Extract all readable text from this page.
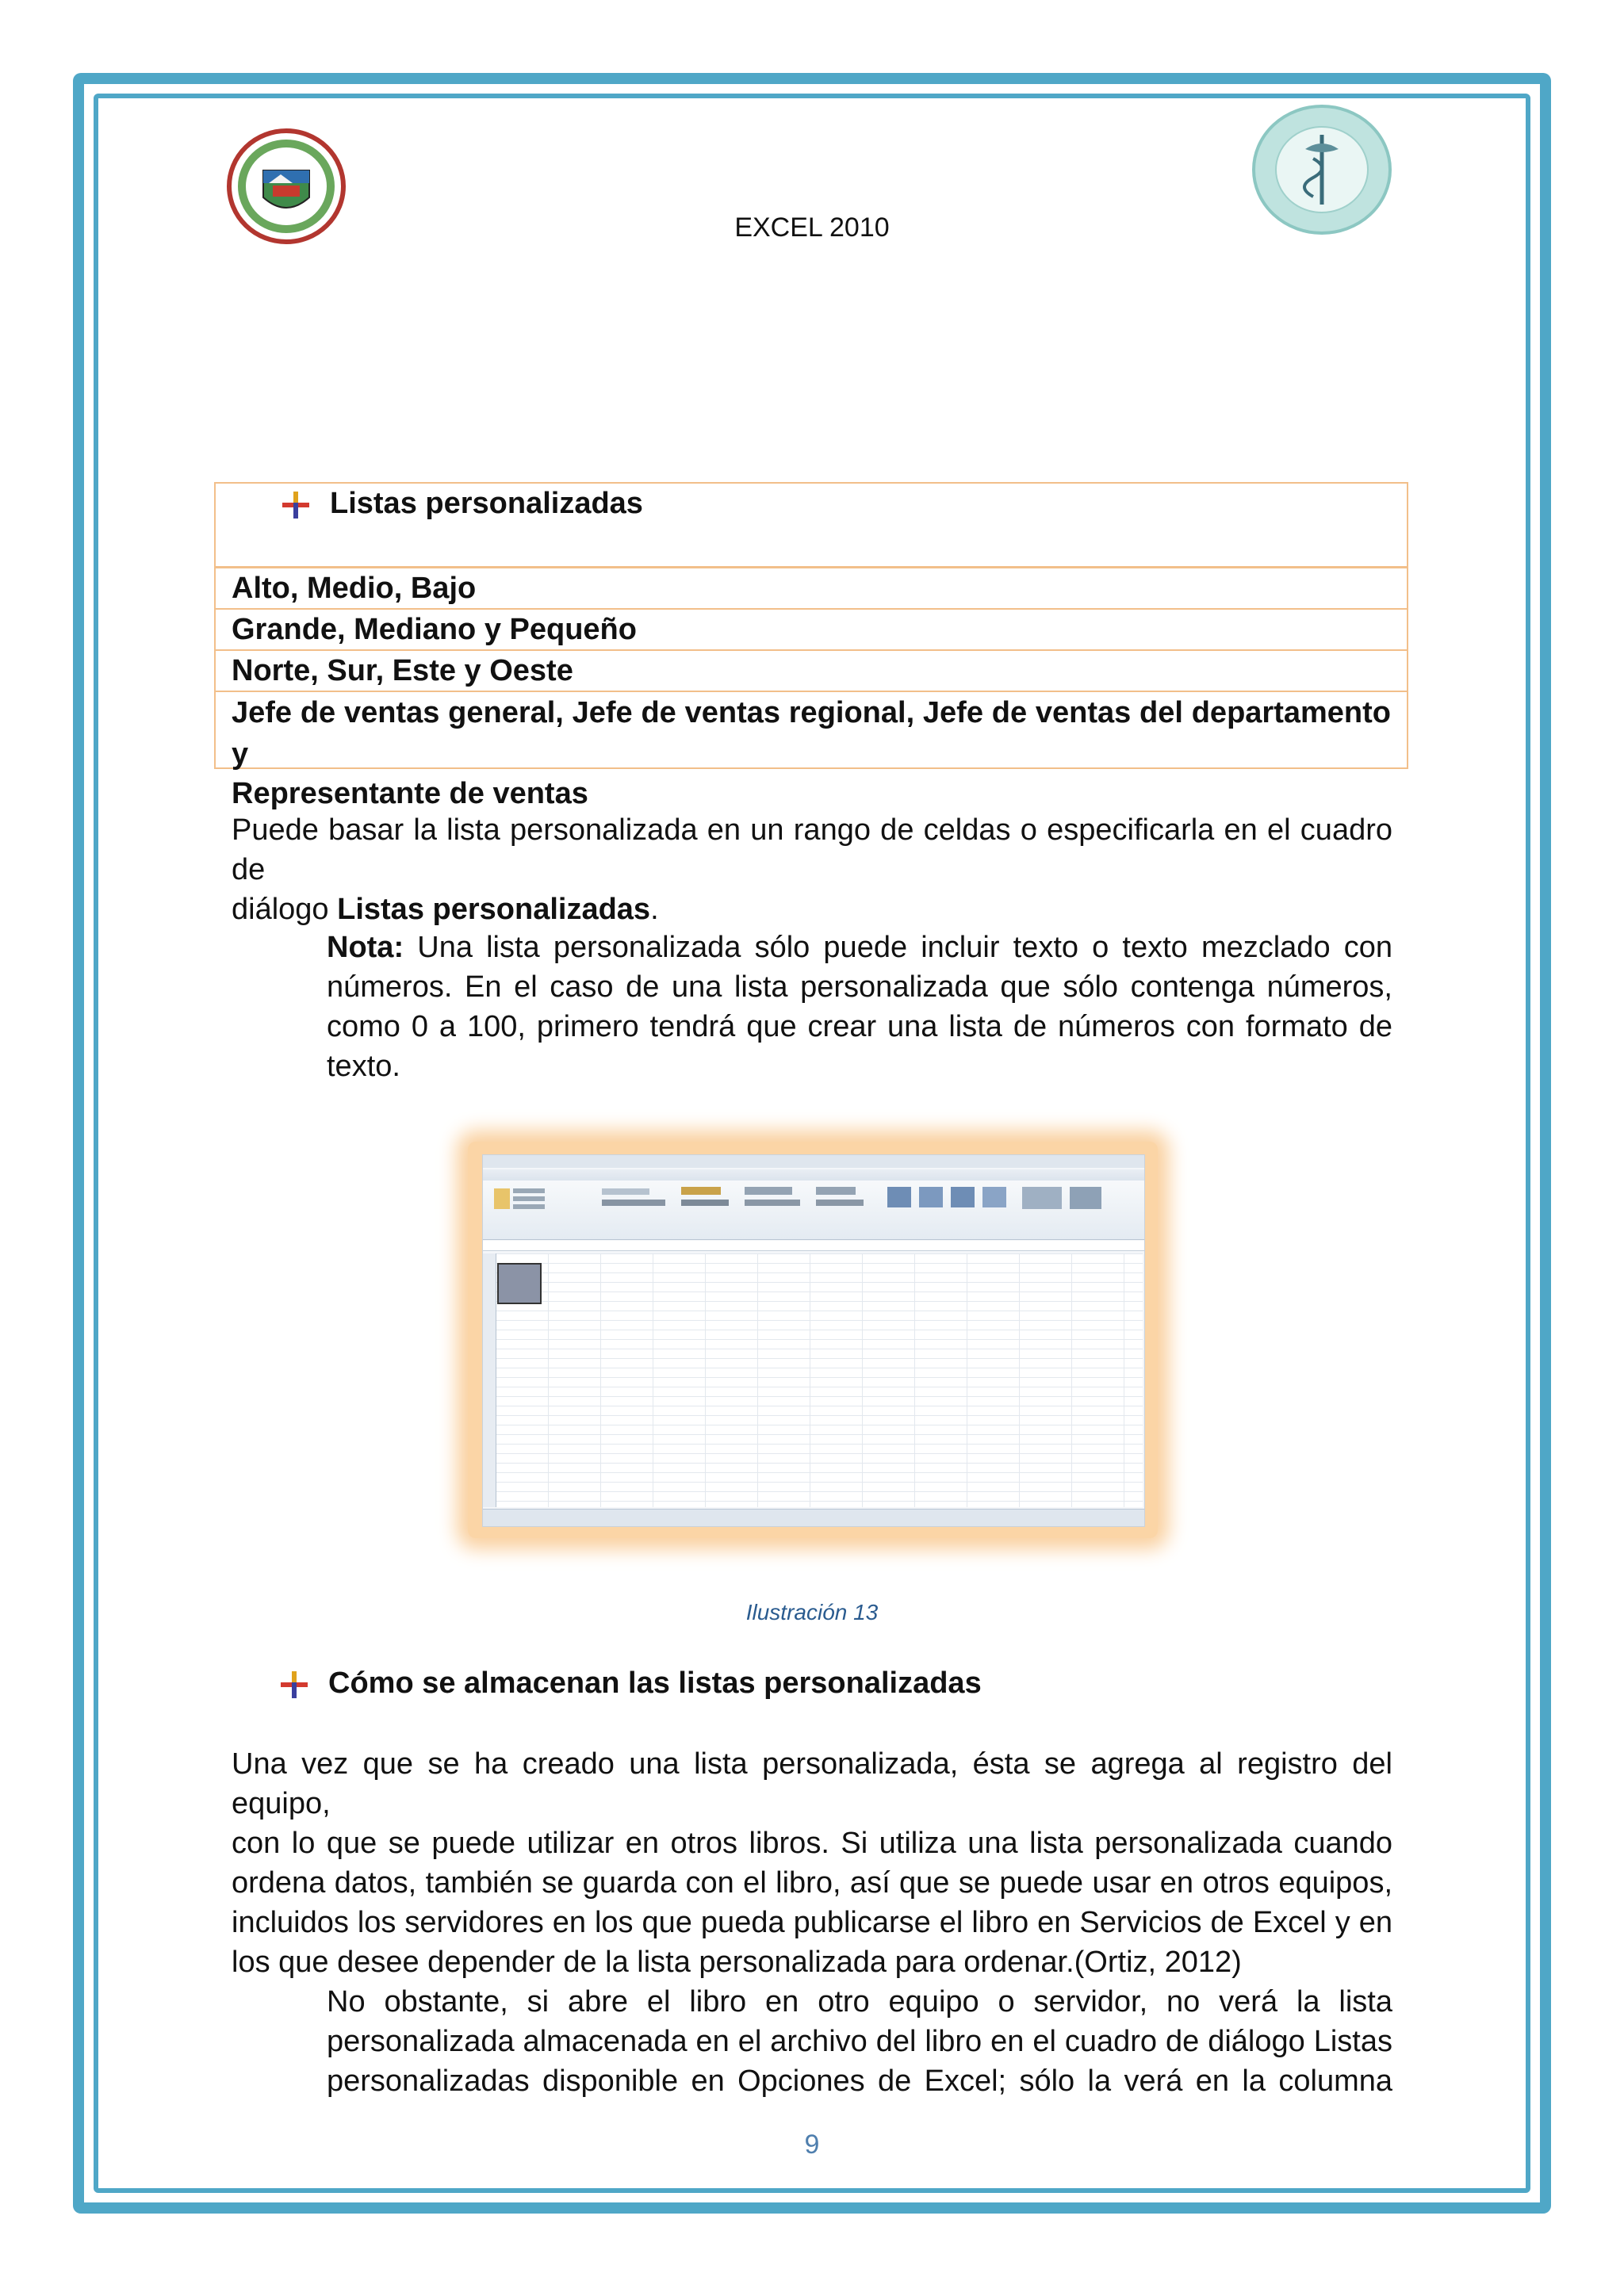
EXCEL 2010
Listas personalizadas
Alto, Medio, Bajo
Grande, Mediano y Pequeño
Norte, Sur, Este y Oeste
Jefe de ventas general, Jefe de ventas regional, Jefe de ventas del departamento y
Representante de ventas
Puede basar la lista personalizada en un rango de celdas o especificarla en el cuadro de
diálogo Listas personalizadas.
Nota: Una lista personalizada sólo puede incluir texto o texto mezclado con
números. En el caso de una lista personalizada que sólo contenga números,
como 0 a 100, primero tendrá que crear una lista de números con formato de
texto.
Ilustración 13
Cómo se almacenan las listas personalizadas
Una vez que se ha creado una lista personalizada, ésta se agrega al registro del equipo,
con lo que se puede utilizar en otros libros. Si utiliza una lista personalizada cuando
ordena datos, también se guarda con el libro, así que se puede usar en otros equipos,
incluidos los servidores en los que pueda publicarse el libro en Servicios de Excel y en
los que desee depender de la lista personalizada para ordenar.(Ortiz, 2012)
No obstante, si abre el libro en otro equipo o servidor, no verá la lista
personalizada almacenada en el archivo del libro en el cuadro de diálogo Listas
personalizadas disponible en Opciones de Excel; sólo la verá en la columna
9
